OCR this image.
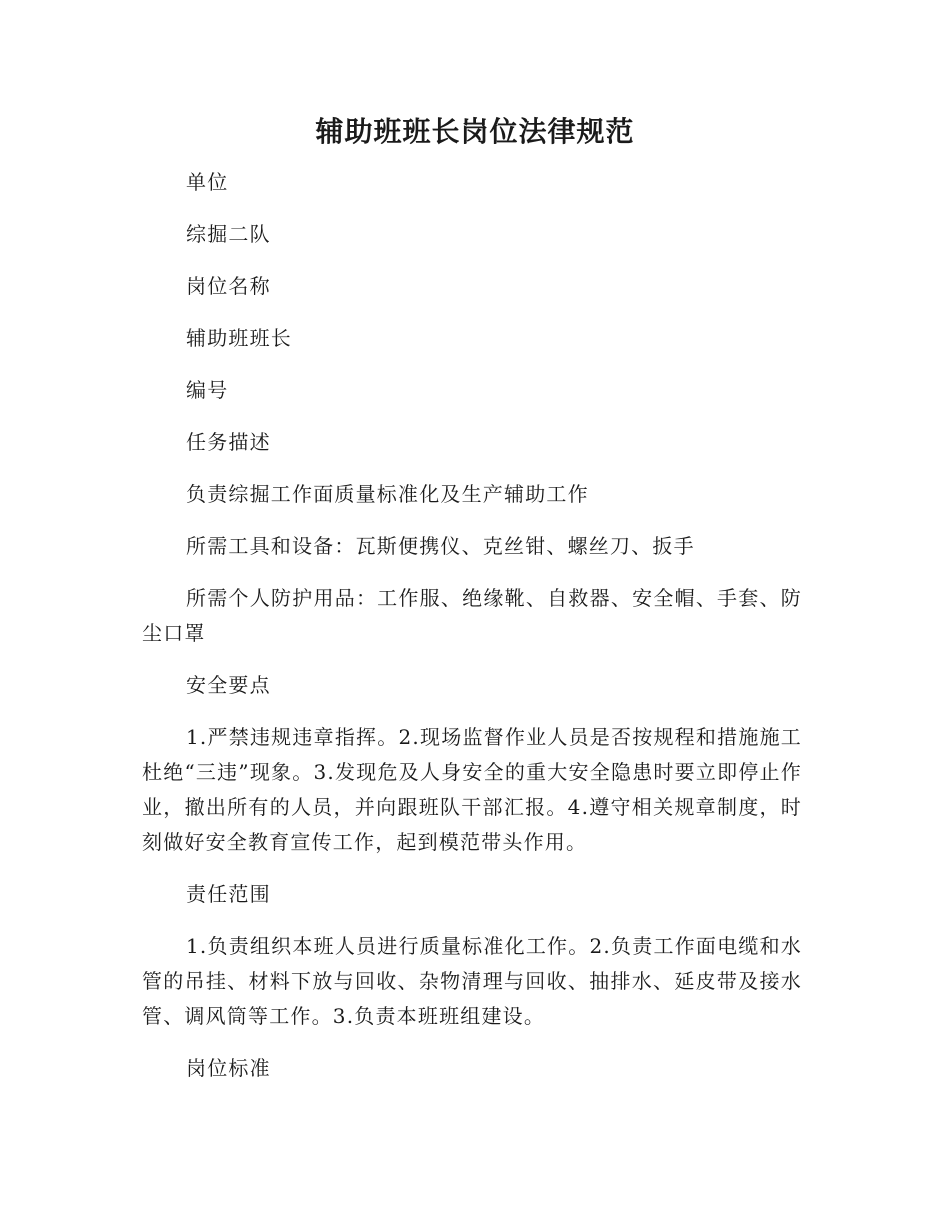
辅助班班长岗位法律规范

单位

综掘二队

岗位名称

辅助班班长

编号

任务描述

负责综掘工作面质量标准化及生产辅助工作

所需工具和设备：瓦斯便携仪、克丝钳、螺丝刀、扳手

所需个人防护用品：工作服、绝缘靴、自救器、安全帽、手套、防尘口罩

安全要点

1.严禁违规违章指挥。2.现场监督作业人员是否按规程和措施施工杜绝“三违”现象。3.发现危及人身安全的重大安全隐患时要立即停止作业，撤出所有的人员，并向跟班队干部汇报。4.遵守相关规章制度，时刻做好安全教育宣传工作，起到模范带头作用。

责任范围

1.负责组织本班人员进行质量标准化工作。2.负责工作面电缆和水管的吊挂、材料下放与回收、杂物清理与回收、抽排水、延皮带及接水管、调风筒等工作。3.负责本班班组建设。

岗位标准
